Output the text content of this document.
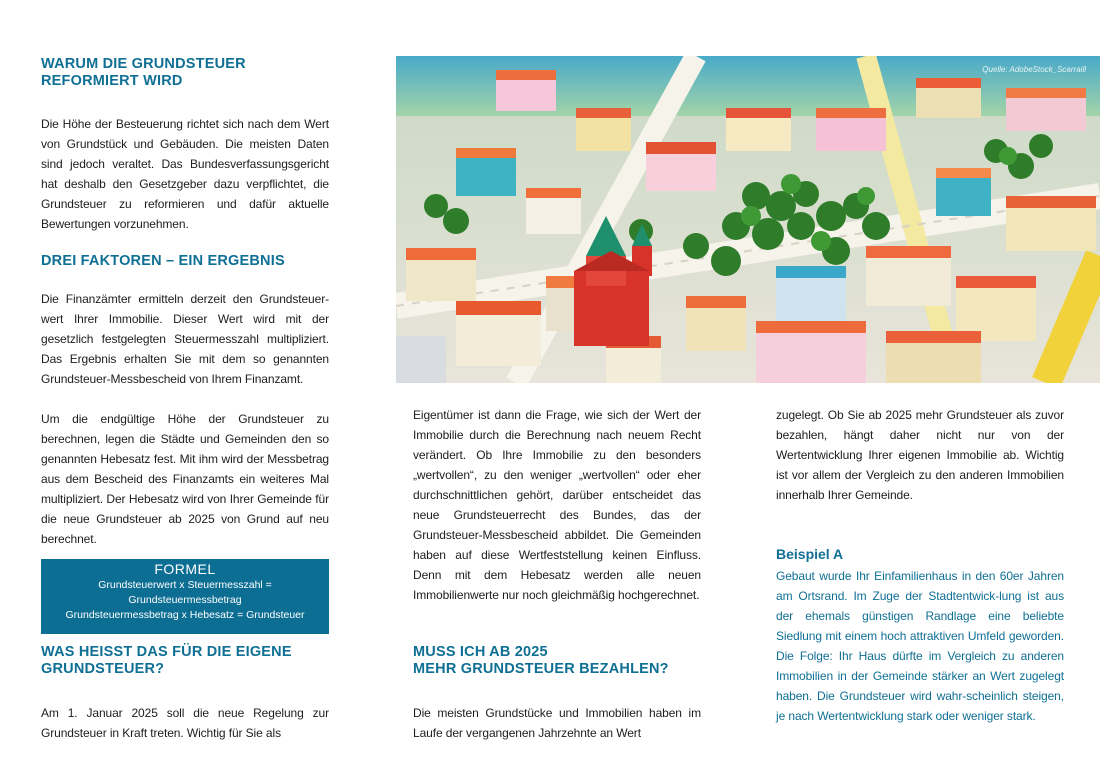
WARUM DIE GRUNDSTEUER
REFORMIERT WIRD

Die Höhe der Besteuerung richtet sich nach dem Wert von Grundstück und Gebäuden. Die meisten Daten sind jedoch veraltet. Das Bundesverfassungsgericht hat deshalb den Gesetzgeber dazu verpflichtet, die Grundsteuer zu reformieren und dafür aktuelle Bewertungen vorzunehmen.

DREI FAKTOREN – EIN ERGEBNIS

Die Finanzämter ermitteln derzeit den Grundsteuer-wert Ihrer Immobilie. Dieser Wert wird mit der gesetzlich festgelegten Steuermesszahl multipliziert. Das Ergebnis erhalten Sie mit dem so genannten Grundsteuer-Messbescheid von Ihrem Finanzamt.

Um die endgültige Höhe der Grundsteuer zu berechnen, legen die Städte und Gemeinden den so genannten Hebesatz fest. Mit ihm wird der Messbetrag aus dem Bescheid des Finanzamts ein weiteres Mal multipliziert. Der Hebesatz wird von Ihrer Gemeinde für die neue Grundsteuer ab 2025 von Grund auf neu berechnet.

FORMEL
Grundsteuerwert x Steuermesszahl =
Grundsteuermessbetrag
Grundsteuermessbetrag x Hebesatz = Grundsteuer
WAS HEISST DAS FÜR DIE EIGENE
GRUNDSTEUER?

Am 1. Januar 2025 soll die neue Regelung zur Grundsteuer in Kraft treten. Wichtig für Sie als

Quelle: AdobeStock_Scarraill

Eigentümer ist dann die Frage, wie sich der Wert der Immobilie durch die Berechnung nach neuem Recht verändert. Ob Ihre Immobilie zu den besonders „wertvollen“, zu den weniger „wertvollen“ oder eher durchschnittlichen gehört, darüber entscheidet das neue Grundsteuerrecht des Bundes, das der Grundsteuer-Messbescheid abbildet. Die Gemeinden haben auf diese Wertfeststellung keinen Einfluss. Denn mit dem Hebesatz werden alle neuen Immobilienwerte nur noch gleichmäßig hochgerechnet.

MUSS ICH AB 2025
MEHR GRUNDSTEUER BEZAHLEN?

Die meisten Grundstücke und Immobilien haben im Laufe der vergangenen Jahrzehnte an Wert

zugelegt. Ob Sie ab 2025 mehr Grundsteuer als zuvor bezahlen, hängt daher nicht nur von der Wertentwicklung Ihrer eigenen Immobilie ab. Wichtig ist vor allem der Vergleich zu den anderen Immobilien innerhalb Ihrer Gemeinde.

Beispiel A

Gebaut wurde Ihr Einfamilienhaus in den 60er Jahren am Ortsrand. Im Zuge der Stadtentwick-lung ist aus der ehemals günstigen Randlage eine beliebte Siedlung mit einem hoch attraktiven Umfeld geworden. Die Folge: Ihr Haus dürfte im Vergleich zu anderen Immobilien in der Gemeinde stärker an Wert zugelegt haben. Die Grundsteuer wird wahr-scheinlich steigen, je nach Wertentwicklung stark oder weniger stark.
